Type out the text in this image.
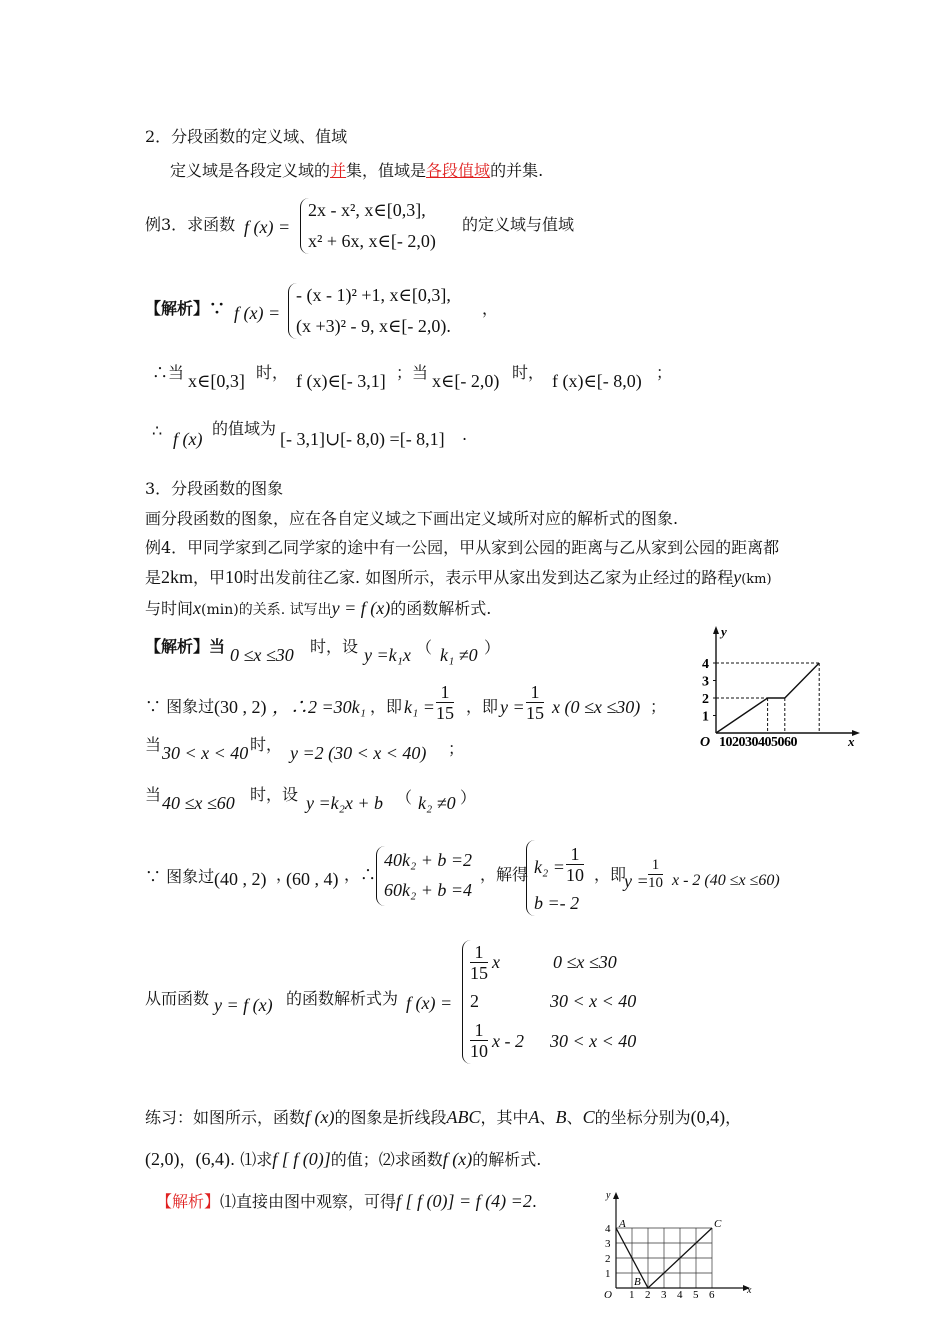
2．分段函数的定义域、值域
定义域是各段定义域的并集，值域是各段值域的并集.
例3．求函数 f (x) =
2x - x², x∈[0,3],
x² + 6x, x∈[- 2,0)
的定义域与值域
【解析】∵ f (x) =
- (x - 1)² +1, x∈[0,3],
(x +3)² - 9, x∈[- 2,0).
，
∴当 x∈[0,3] 时， f (x)∈[- 3,1] ；当 x∈[- 2,0) 时， f (x)∈[- 8,0) ；
∴ f (x)
的值域为
[- 3,1]∪[- 8,0) =[- 8,1] .
3．分段函数的图象
画分段函数的图象，应在各自定义域之下画出定义域所对应的解析式的图象.
例4．甲同学家到乙同学家的途中有一公园，甲从家到公园的距离与乙从家到公园的距离都
是2km，甲10时出发前往乙家. 如图所示，表示甲从家出发到达乙家为止经过的路程y(km)
与时间x(min)的关系. 试写出y = f (x)的函数解析式.
【解析】当 0 ≤x ≤30 时，设 y =k₁x （ k₁ ≠0 ）
∵ 图象过 (30 , 2) ，∴2 =30k₁ ，即 $k_1 = \frac{1}{15}$ ，即 $y = \frac{1}{15}$ x (0 ≤x ≤30) ；
当 30 < x < 40 时， y =2 (30 < x < 40) ；
当 40 ≤x ≤60 时，设 y =k₂x + b （ k₂ ≠0 ）
∵ 图象过 (40 , 2) ，
(60 , 4) ，∴
40k₂ + b =2
60k₂ + b =4
，解得 $k_2 = \frac{1}{10}$
b =- 2
，即
$y = \frac{1}{10}$ x - 2 (40 ≤x ≤60)
从而函数 y = f (x) 的函数解析式为 f (x) =
$\frac{1}{15}$ x	0 ≤x ≤30
2	30 < x < 40
$\frac{1}{10}$ x - 2 30 < x < 40
y
x
O
1
2
3
4
102030405060
练习：如图所示，函数f (x)的图象是折线段ABC，其中A、B、C的坐标分别为(0,4)，
(2,0)，(6,4). ⑴求f [ f (0)]的值；⑵求函数f (x)的解析式.
【解析】⑴直接由图中观察，可得f [ f (0)] = f (4) =2.	y
x
O
1
2
3
4
1 2 3 4 5 6
A
B
C
